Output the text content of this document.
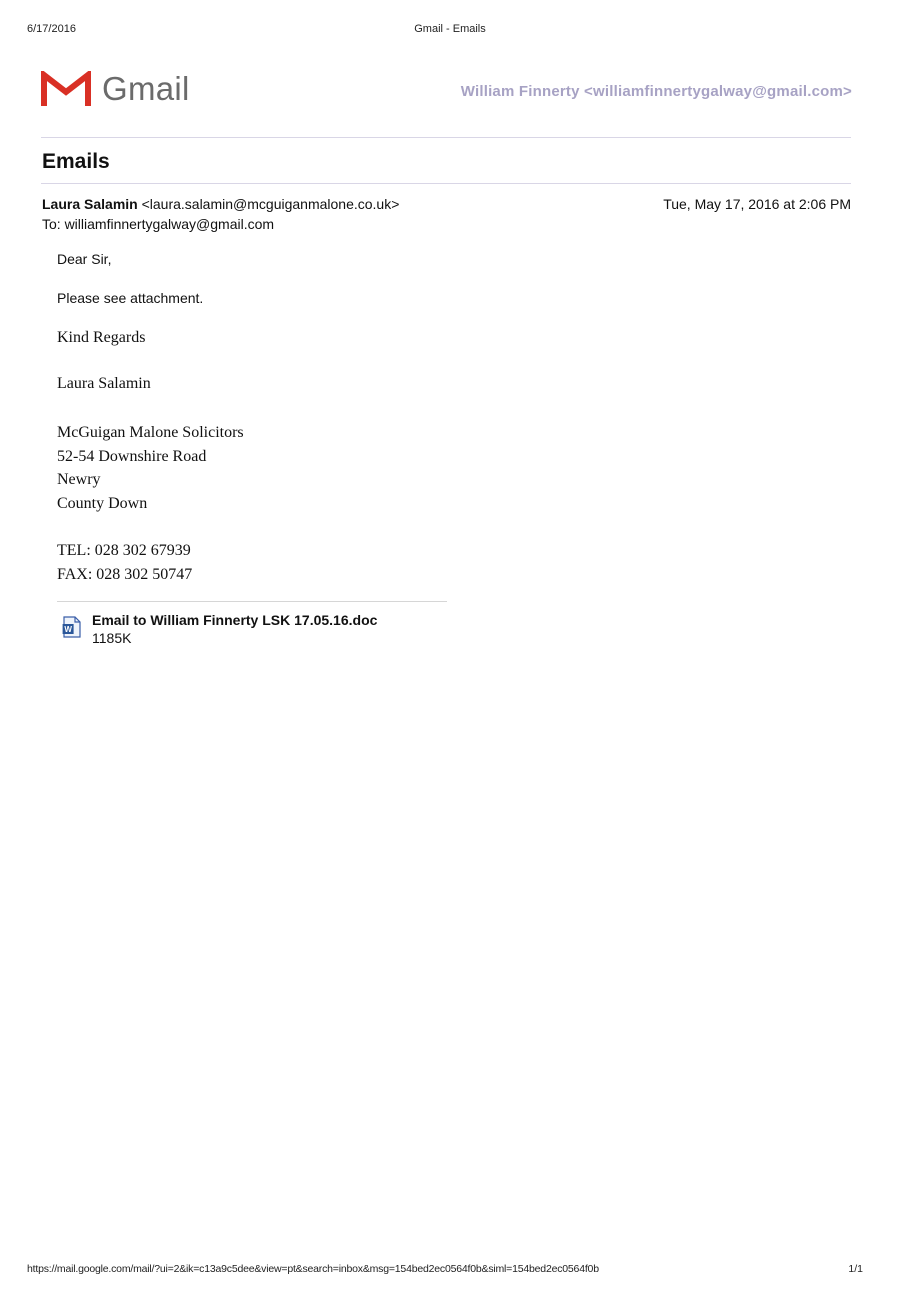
6/17/2016	Gmail - Emails
Gmail	William Finnerty <williamfinnertygalway@gmail.com>
Emails
Laura Salamin <laura.salamin@mcguiganmalone.co.uk>	Tue, May 17, 2016 at 2:06 PM
To: williamfinnertygalway@gmail.com
Dear Sir,
Please see attachment.
Kind Regards
Laura Salamin
McGuigan Malone Solicitors
52-54 Downshire Road
Newry
County Down
TEL: 028 302 67939
FAX: 028 302 50747
W
Email to William Finnerty LSK 17.05.16.doc
1185K
https://mail.google.com/mail/?ui=2&ik=c13a9c5dee&view=pt&search=inbox&msg=154bed2ec0564f0b&siml=154bed2ec0564f0b	1/1
